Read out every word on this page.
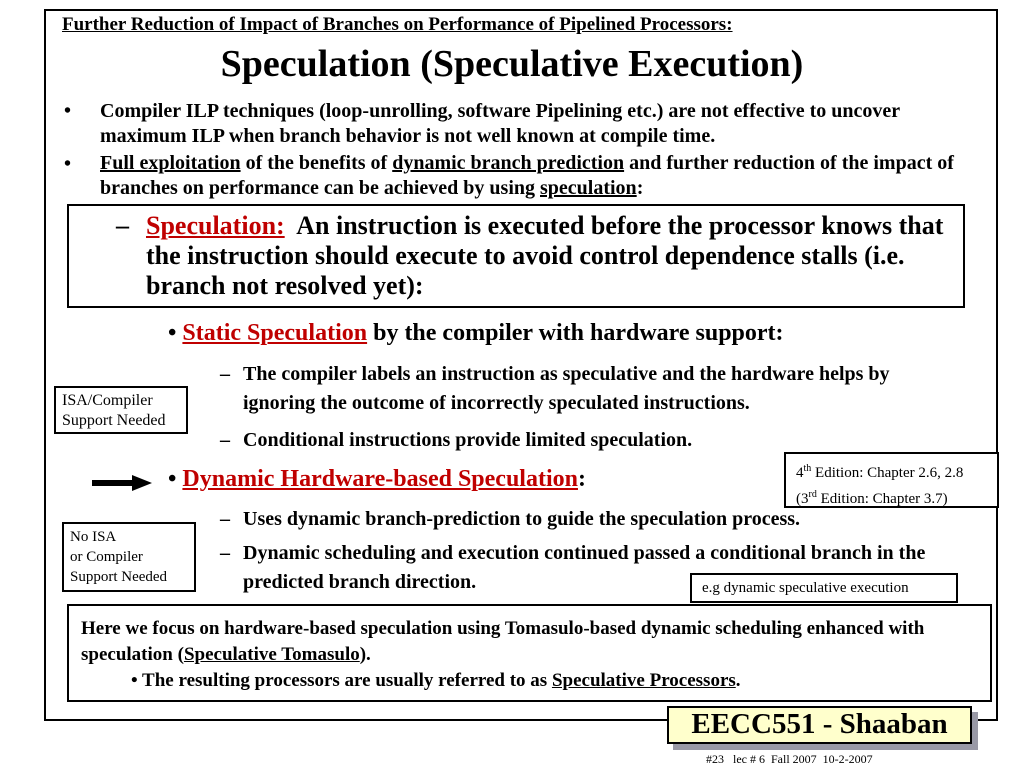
Further Reduction of Impact of Branches on Performance of Pipelined Processors:
Speculation (Speculative Execution)
• Compiler ILP techniques (loop-unrolling, software Pipelining etc.) are not effective to uncover maximum ILP when branch behavior is not well known at compile time.
• Full exploitation of the benefits of dynamic branch prediction and further reduction of the impact of branches on performance can be achieved by using speculation:
– Speculation:  An instruction is executed before the processor knows that the instruction should execute to avoid control dependence stalls (i.e. branch not resolved yet):
• Static Speculation by the compiler with hardware support:
– The compiler labels an instruction as speculative and the hardware helps by ignoring the outcome of incorrectly speculated instructions.
– Conditional instructions provide limited speculation.
ISA/Compiler Support Needed
4th Edition: Chapter 2.6, 2.8
(3rd Edition: Chapter 3.7)
• Dynamic Hardware-based Speculation:
– Uses dynamic branch-prediction to guide the speculation process.
– Dynamic scheduling and execution continued passed a conditional branch in the predicted branch direction.
No ISA
or Compiler
Support Needed
e.g dynamic speculative execution
Here we focus on hardware-based speculation using Tomasulo-based dynamic scheduling enhanced with speculation (Speculative Tomasulo).
• The resulting processors are usually referred to as Speculative Processors.
EECC551 - Shaaban
#23   lec # 6  Fall 2007  10-2-2007
